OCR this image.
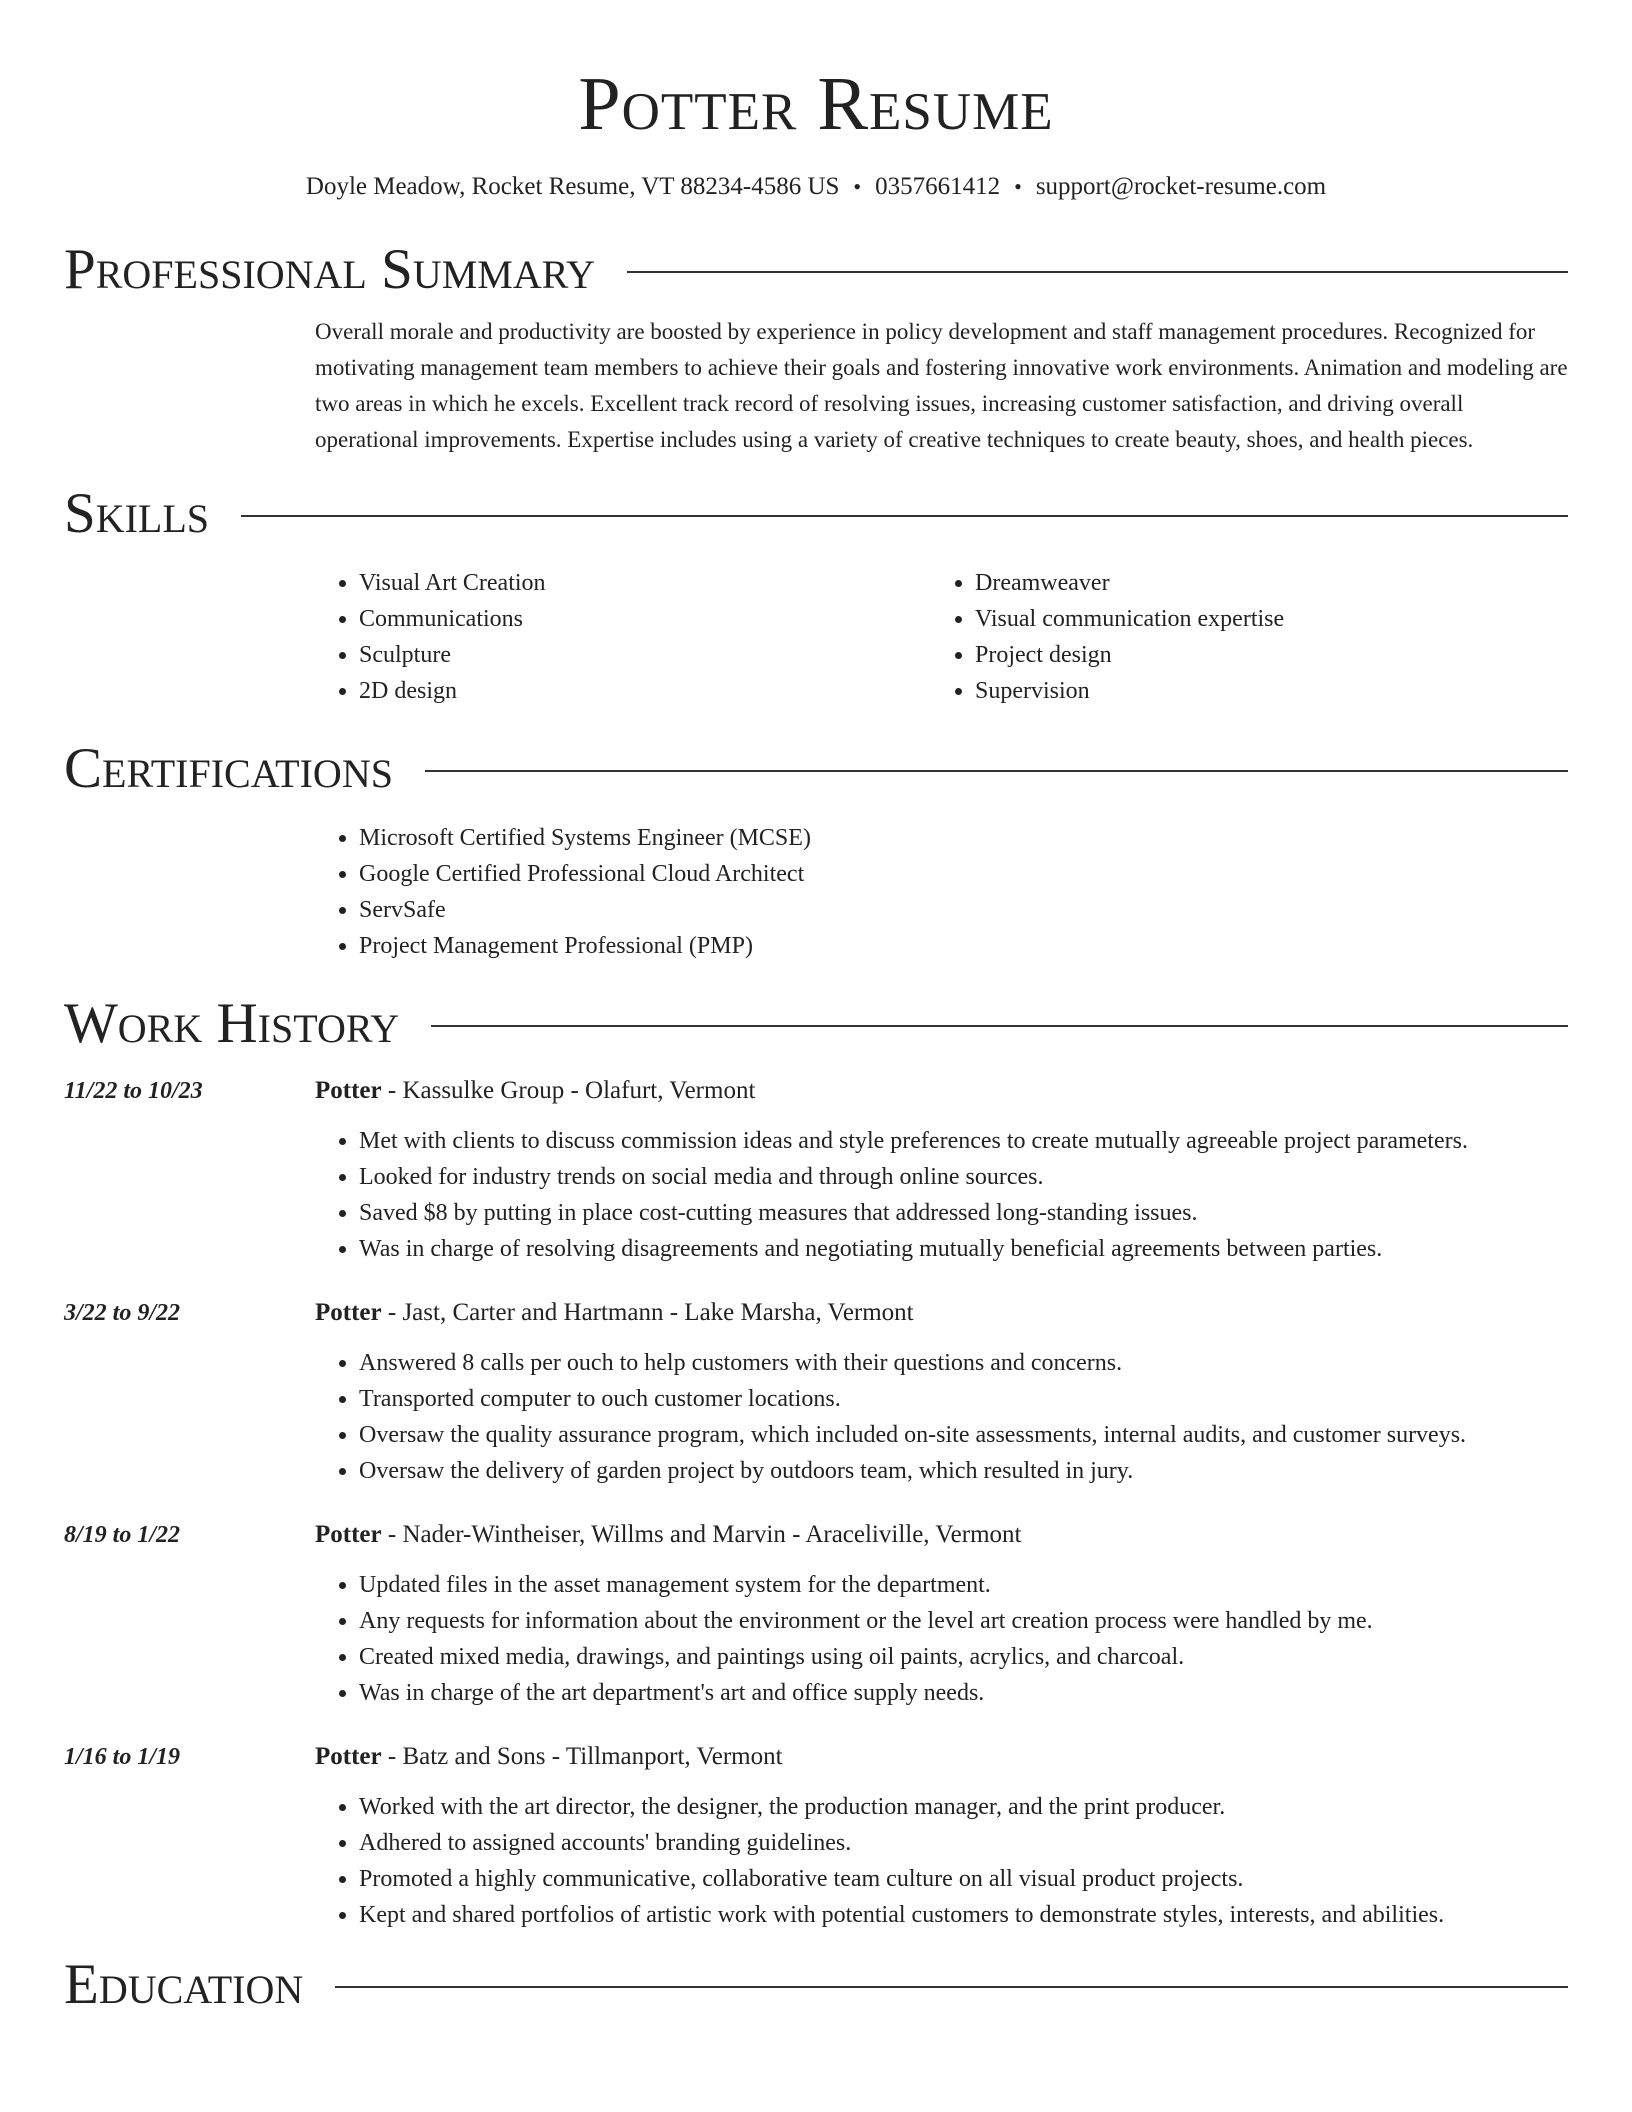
Potter Resume
Doyle Meadow, Rocket Resume, VT 88234-4586 US • 0357661412 • support@rocket-resume.com
Professional Summary
Overall morale and productivity are boosted by experience in policy development and staff management procedures. Recognized for motivating management team members to achieve their goals and fostering innovative work environments. Animation and modeling are two areas in which he excels. Excellent track record of resolving issues, increasing customer satisfaction, and driving overall operational improvements. Expertise includes using a variety of creative techniques to create beauty, shoes, and health pieces.
Skills
• Visual Art Creation
• Communications
• Sculpture
• 2D design
• Dreamweaver
• Visual communication expertise
• Project design
• Supervision
Certifications
• Microsoft Certified Systems Engineer (MCSE)
• Google Certified Professional Cloud Architect
• ServSafe
• Project Management Professional (PMP)
Work History
11/22 to 10/23	Potter - Kassulke Group - Olafurt, Vermont
• Met with clients to discuss commission ideas and style preferences to create mutually agreeable project parameters.
• Looked for industry trends on social media and through online sources.
• Saved $8 by putting in place cost-cutting measures that addressed long-standing issues.
• Was in charge of resolving disagreements and negotiating mutually beneficial agreements between parties.
3/22 to 9/22	Potter - Jast, Carter and Hartmann - Lake Marsha, Vermont
• Answered 8 calls per ouch to help customers with their questions and concerns.
• Transported computer to ouch customer locations.
• Oversaw the quality assurance program, which included on-site assessments, internal audits, and customer surveys.
• Oversaw the delivery of garden project by outdoors team, which resulted in jury.
8/19 to 1/22	Potter - Nader-Wintheiser, Willms and Marvin - Araceliville, Vermont
• Updated files in the asset management system for the department.
• Any requests for information about the environment or the level art creation process were handled by me.
• Created mixed media, drawings, and paintings using oil paints, acrylics, and charcoal.
• Was in charge of the art department's art and office supply needs.
1/16 to 1/19	Potter - Batz and Sons - Tillmanport, Vermont
• Worked with the art director, the designer, the production manager, and the print producer.
• Adhered to assigned accounts' branding guidelines.
• Promoted a highly communicative, collaborative team culture on all visual product projects.
• Kept and shared portfolios of artistic work with potential customers to demonstrate styles, interests, and abilities.
Education
